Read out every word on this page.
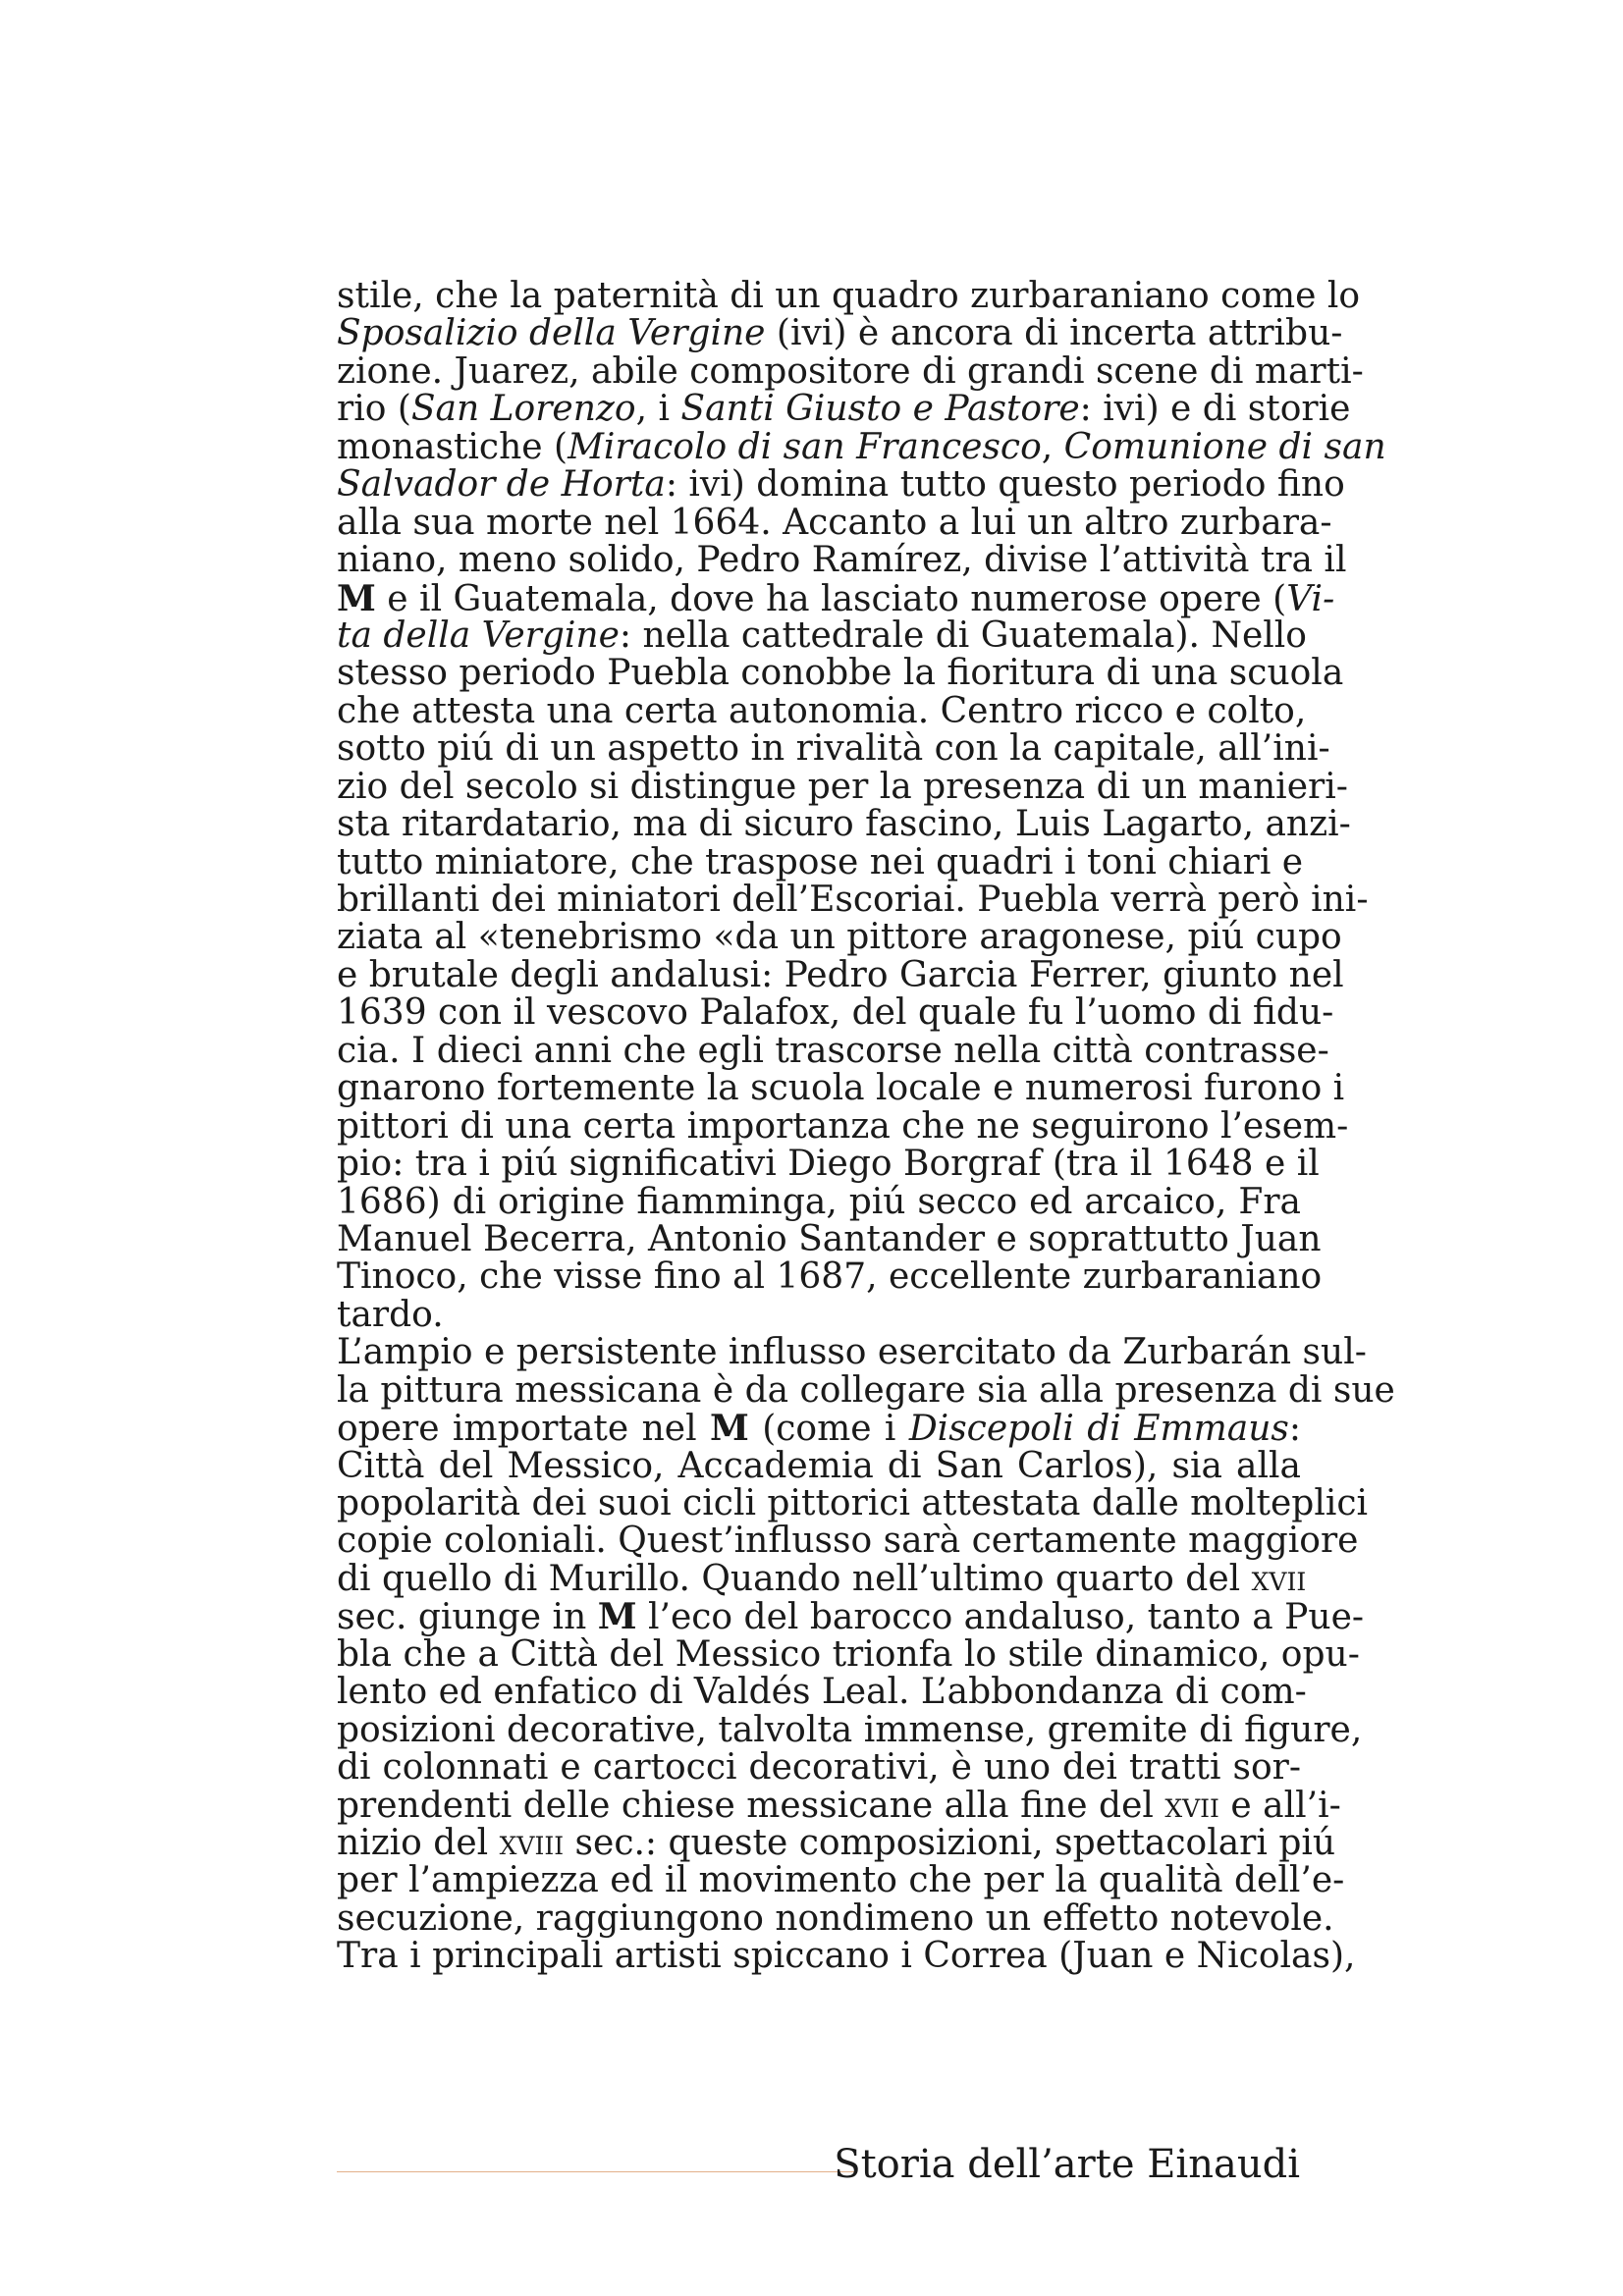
stile, che la paternità di un quadro zurbaraniano come lo
Sposalizio della Vergine (ivi) è ancora di incerta attribu-
zione. Juarez, abile compositore di grandi scene di marti-
rio (San Lorenzo, i Santi Giusto e Pastore: ivi) e di storie
monastiche (Miracolo di san Francesco, Comunione di san
Salvador de Horta: ivi) domina tutto questo periodo fino
alla sua morte nel 1664. Accanto a lui un altro zurbara-
niano, meno solido, Pedro Ramírez, divise l’attività tra il
M e il Guatemala, dove ha lasciato numerose opere (Vi-
ta della Vergine: nella cattedrale di Guatemala). Nello
stesso periodo Puebla conobbe la fioritura di una scuola
che attesta una certa autonomia. Centro ricco e colto,
sotto piú di un aspetto in rivalità con la capitale, all’ini-
zio del secolo si distingue per la presenza di un manieri-
sta ritardatario, ma di sicuro fascino, Luis Lagarto, anzi-
tutto miniatore, che traspose nei quadri i toni chiari e
brillanti dei miniatori dell’Escoriai. Puebla verrà però ini-
ziata al «tenebrismo «da un pittore aragonese, piú cupo
e brutale degli andalusi: Pedro Garcia Ferrer, giunto nel
1639 con il vescovo Palafox, del quale fu l’uomo di fidu-
cia. I dieci anni che egli trascorse nella città contrasse-
gnarono fortemente la scuola locale e numerosi furono i
pittori di una certa importanza che ne seguirono l’esem-
pio: tra i piú significativi Diego Borgraf (tra il 1648 e il
1686) di origine fiamminga, piú secco ed arcaico, Fra
Manuel Becerra, Antonio Santander e soprattutto Juan
Tinoco, che visse fino al 1687, eccellente zurbaraniano
tardo.
L’ampio e persistente influsso esercitato da Zurbarán sul-
la pittura messicana è da collegare sia alla presenza di sue
opere importate nel M (come i Discepoli di Emmaus:
Città del Messico, Accademia di San Carlos), sia alla
popolarità dei suoi cicli pittorici attestata dalle molteplici
copie coloniali. Quest’influsso sarà certamente maggiore
di quello di Murillo. Quando nell’ultimo quarto del xvii
sec. giunge in M l’eco del barocco andaluso, tanto a Pue-
bla che a Città del Messico trionfa lo stile dinamico, opu-
lento ed enfatico di Valdés Leal. L’abbondanza di com-
posizioni decorative, talvolta immense, gremite di figure,
di colonnati e cartocci decorativi, è uno dei tratti sor-
prendenti delle chiese messicane alla fine del xvii e all’i-
nizio del xviii sec.: queste composizioni, spettacolari piú
per l’ampiezza ed il movimento che per la qualità dell’e-
secuzione, raggiungono nondimeno un effetto notevole.
Tra i principali artisti spiccano i Correa (Juan e Nicolas),
Storia dell’arte Einaudi
